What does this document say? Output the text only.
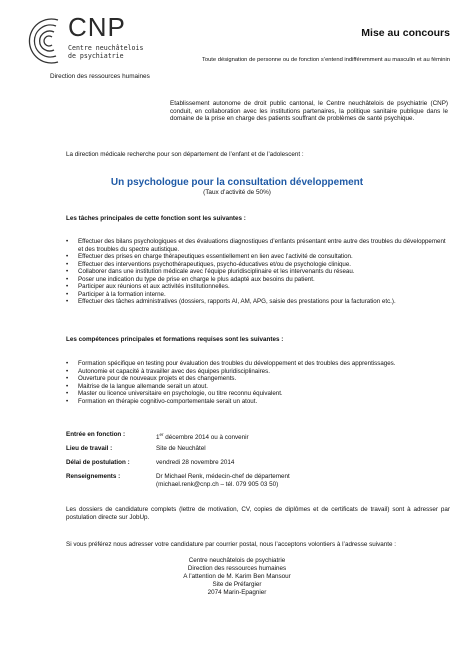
CNP
Centre neuchâtelois
de psychiatrie
Direction des ressources humaines
Mise au concours
Toute désignation de personne ou de fonction s’entend indifféremment au masculin et au féminin
Etablissement autonome de droit public cantonal, le Centre neuchâtelois de psychiatrie (CNP) conduit, en collaboration avec les institutions partenaires, la politique sanitaire publique dans le domaine de la prise en charge des patients souffrant de problèmes de santé psychique.
La direction médicale recherche pour son département de l’enfant et de l’adolescent :
Un psychologue pour la consultation développement
(Taux d’activité de 50%)
Les tâches principales de cette fonction sont les suivantes :
• Effectuer des bilans psychologiques et des évaluations diagnostiques d’enfants présentant entre autre des troubles du développement et des troubles du spectre autistique.
• Effectuer des prises en charge thérapeutiques essentiellement en lien avec l’activité de consultation.
• Effectuer des interventions psychothérapeutiques, psycho-éducatives et/ou de psychologie clinique.
• Collaborer dans une institution médicale avec l’équipe pluridisciplinaire et les intervenants du réseau.
• Poser une indication du type de prise en charge le plus adapté aux besoins du patient.
• Participer aux réunions et aux activités institutionnelles.
• Participer à la formation interne.
• Effectuer des tâches administratives (dossiers, rapports AI, AM, APG, saisie des prestations pour la facturation etc.).
Les compétences principales et formations requises sont les suivantes :
• Formation spécifique en testing pour évaluation des troubles du développement et des troubles des apprentissages.
• Autonomie et capacité à travailler avec des équipes pluridisciplinaires.
• Ouverture pour de nouveaux projets et des changements.
• Maitrise de la langue allemande serait un atout.
• Master ou licence universitaire en psychologie, ou titre reconnu équivalent.
• Formation en thérapie cognitivo-comportementale serait un atout.
Entrée en fonction :	1er décembre 2014 ou à convenir
Lieu de travail :	Site de Neuchâtel
Délai de postulation :	vendredi 28 novembre 2014
Renseignements :	Dr Michael Renk, médecin-chef de département
(michael.renk@cnp.ch – tél. 079 905 03 50)
Les dossiers de candidature complets (lettre de motivation, CV, copies de diplômes et de certificats de travail) sont à adresser par postulation directe sur JobUp.
Si vous préférez nous adresser votre candidature par courrier postal, nous l’acceptons volontiers à l’adresse suivante :
Centre neuchâtelois de psychiatrie
Direction des ressources humaines
A l’attention de M. Karim Ben Mansour
Site de Préfargier
2074 Marin-Epagnier
